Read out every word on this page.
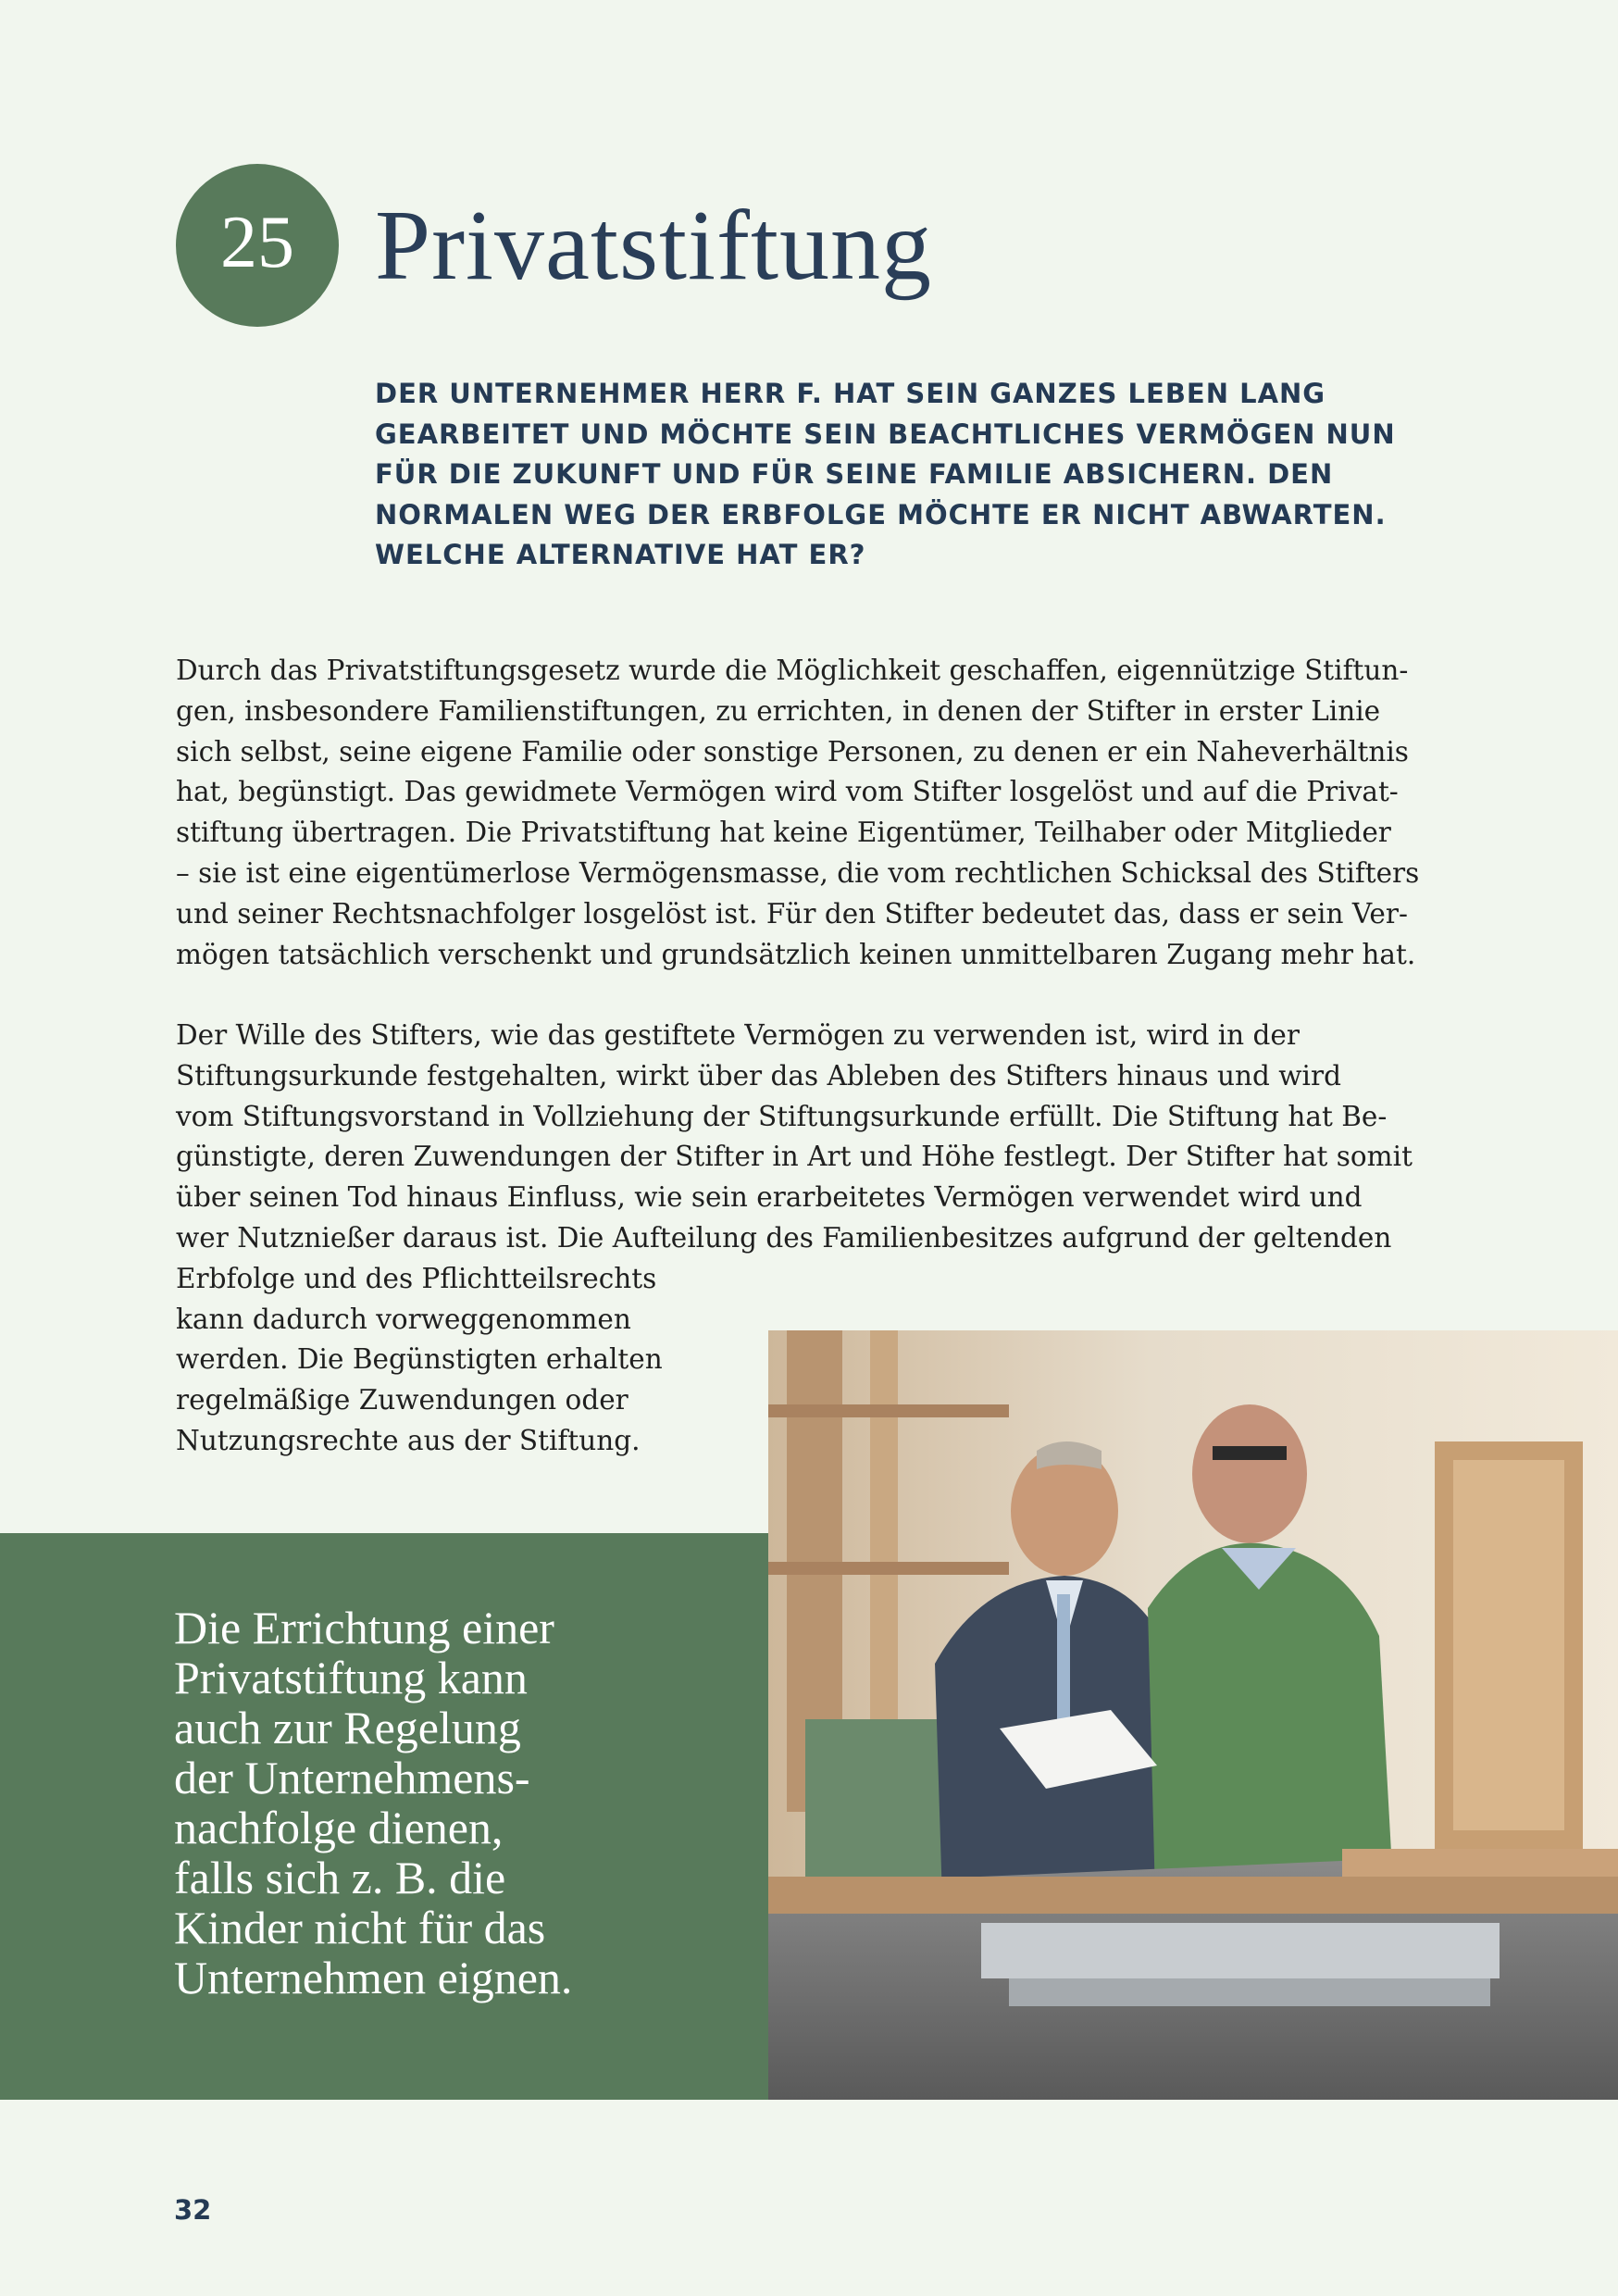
25 Privatstiftung

DER UNTERNEHMER HERR F. HAT SEIN GANZES LEBEN LANG GEARBEITET UND MÖCHTE SEIN BEACHTLICHES VERMÖGEN NUN FÜR DIE ZUKUNFT UND FÜR SEINE FAMILIE ABSICHERN. DEN NORMALEN WEG DER ERBFOLGE MÖCHTE ER NICHT ABWARTEN. WELCHE ALTERNATIVE HAT ER?

Durch das Privatstiftungsgesetz wurde die Möglichkeit geschaffen, eigennützige Stiftun-
gen, insbesondere Familienstiftungen, zu errichten, in denen der Stifter in erster Linie
sich selbst, seine eigene Familie oder sonstige Personen, zu denen er ein Naheverhältnis
hat, begünstigt. Das gewidmete Vermögen wird vom Stifter losgelöst und auf die Privat-
stiftung übertragen. Die Privatstiftung hat keine Eigentümer, Teilhaber oder Mitglieder
– sie ist eine eigentümerlose Vermögensmasse, die vom rechtlichen Schicksal des Stifters
und seiner Rechtsnachfolger losgelöst ist. Für den Stifter bedeutet das, dass er sein Ver-
mögen tatsächlich verschenkt und grundsätzlich keinen unmittelbaren Zugang mehr hat.

Der Wille des Stifters, wie das gestiftete Vermögen zu verwenden ist, wird in der
Stiftungsurkunde festgehalten, wirkt über das Ableben des Stifters hinaus und wird
vom Stiftungsvorstand in Vollziehung der Stiftungsurkunde erfüllt. Die Stiftung hat Be-
günstigte, deren Zuwendungen der Stifter in Art und Höhe festlegt. Der Stifter hat somit
über seinen Tod hinaus Einfluss, wie sein erarbeitetes Vermögen verwendet wird und
wer Nutznießer daraus ist. Die Aufteilung des Familienbesitzes aufgrund der geltenden
Erbfolge und des Pflichtteilsrechts
kann dadurch vorweggenommen
werden. Die Begünstigten erhalten
regelmäßige Zuwendungen oder
Nutzungsrechte aus der Stiftung.

Die Errichtung einer
Privatstiftung kann
auch zur Regelung
der Unternehmens-
nachfolge dienen,
falls sich z. B. die
Kinder nicht für das
Unternehmen eignen.

32
